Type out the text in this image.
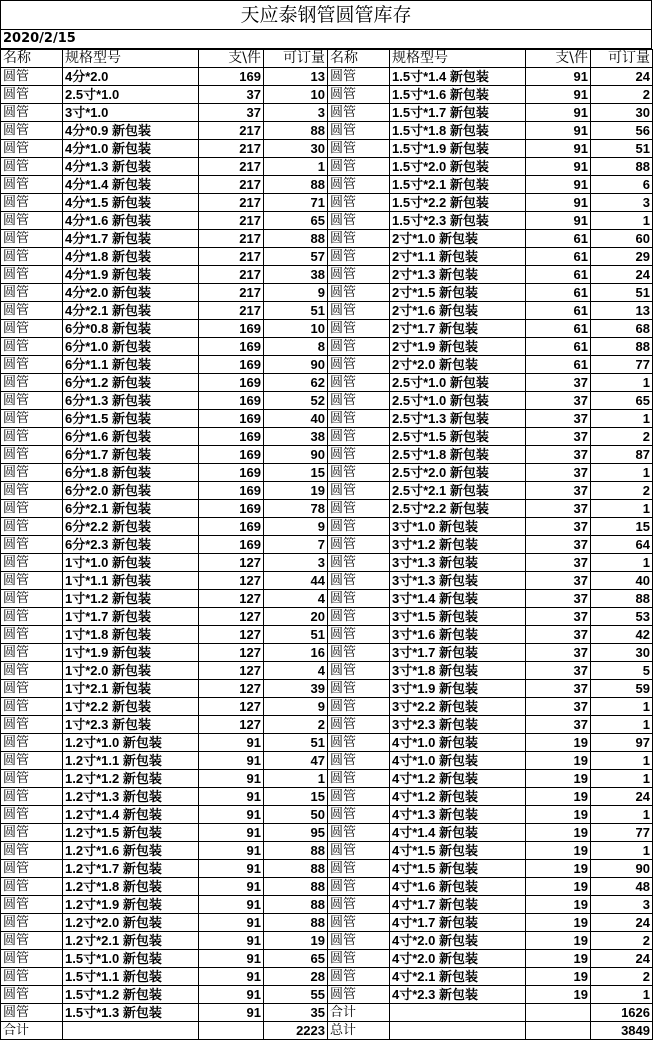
天应泰钢管圆管库存
2020/2/15
名称	规格型号	支\件	可订量	名称	规格型号	支\件	可订量
圆管	4分*2.0	169	13	圆管	1.5寸*1.4 新包装	91	24
圆管	2.5寸*1.0	37	10	圆管	1.5寸*1.6 新包装	91	2
圆管	3寸*1.0	37	3	圆管	1.5寸*1.7 新包装	91	30
圆管	4分*0.9 新包装	217	88	圆管	1.5寸*1.8 新包装	91	56
圆管	4分*1.0 新包装	217	30	圆管	1.5寸*1.9 新包装	91	51
圆管	4分*1.3 新包装	217	1	圆管	1.5寸*2.0 新包装	91	88
圆管	4分*1.4 新包装	217	88	圆管	1.5寸*2.1 新包装	91	6
圆管	4分*1.5 新包装	217	71	圆管	1.5寸*2.2 新包装	91	3
圆管	4分*1.6 新包装	217	65	圆管	1.5寸*2.3 新包装	91	1
圆管	4分*1.7 新包装	217	88	圆管	2寸*1.0 新包装	61	60
圆管	4分*1.8 新包装	217	57	圆管	2寸*1.1 新包装	61	29
圆管	4分*1.9 新包装	217	38	圆管	2寸*1.3 新包装	61	24
圆管	4分*2.0 新包装	217	9	圆管	2寸*1.5 新包装	61	51
圆管	4分*2.1 新包装	217	51	圆管	2寸*1.6 新包装	61	13
圆管	6分*0.8 新包装	169	10	圆管	2寸*1.7 新包装	61	68
圆管	6分*1.0 新包装	169	8	圆管	2寸*1.9 新包装	61	88
圆管	6分*1.1 新包装	169	90	圆管	2寸*2.0 新包装	61	77
圆管	6分*1.2 新包装	169	62	圆管	2.5寸*1.0 新包装	37	1
圆管	6分*1.3 新包装	169	52	圆管	2.5寸*1.0 新包装	37	65
圆管	6分*1.5 新包装	169	40	圆管	2.5寸*1.3 新包装	37	1
圆管	6分*1.6 新包装	169	38	圆管	2.5寸*1.5 新包装	37	2
圆管	6分*1.7 新包装	169	90	圆管	2.5寸*1.8 新包装	37	87
圆管	6分*1.8 新包装	169	15	圆管	2.5寸*2.0 新包装	37	1
圆管	6分*2.0 新包装	169	19	圆管	2.5寸*2.1 新包装	37	2
圆管	6分*2.1 新包装	169	78	圆管	2.5寸*2.2 新包装	37	1
圆管	6分*2.2 新包装	169	9	圆管	3寸*1.0 新包装	37	15
圆管	6分*2.3 新包装	169	7	圆管	3寸*1.2 新包装	37	64
圆管	1寸*1.0 新包装	127	3	圆管	3寸*1.3 新包装	37	1
圆管	1寸*1.1 新包装	127	44	圆管	3寸*1.3 新包装	37	40
圆管	1寸*1.2 新包装	127	4	圆管	3寸*1.4 新包装	37	88
圆管	1寸*1.7 新包装	127	20	圆管	3寸*1.5 新包装	37	53
圆管	1寸*1.8 新包装	127	51	圆管	3寸*1.6 新包装	37	42
圆管	1寸*1.9 新包装	127	16	圆管	3寸*1.7 新包装	37	30
圆管	1寸*2.0 新包装	127	4	圆管	3寸*1.8 新包装	37	5
圆管	1寸*2.1 新包装	127	39	圆管	3寸*1.9 新包装	37	59
圆管	1寸*2.2 新包装	127	9	圆管	3寸*2.2 新包装	37	1
圆管	1寸*2.3 新包装	127	2	圆管	3寸*2.3 新包装	37	1
圆管	1.2寸*1.0 新包装	91	51	圆管	4寸*1.0 新包装	19	97
圆管	1.2寸*1.1 新包装	91	47	圆管	4寸*1.0 新包装	19	1
圆管	1.2寸*1.2 新包装	91	1	圆管	4寸*1.2 新包装	19	1
圆管	1.2寸*1.3 新包装	91	15	圆管	4寸*1.2 新包装	19	24
圆管	1.2寸*1.4 新包装	91	50	圆管	4寸*1.3 新包装	19	1
圆管	1.2寸*1.5 新包装	91	95	圆管	4寸*1.4 新包装	19	77
圆管	1.2寸*1.6 新包装	91	88	圆管	4寸*1.5 新包装	19	1
圆管	1.2寸*1.7 新包装	91	88	圆管	4寸*1.5 新包装	19	90
圆管	1.2寸*1.8 新包装	91	88	圆管	4寸*1.6 新包装	19	48
圆管	1.2寸*1.9 新包装	91	88	圆管	4寸*1.7 新包装	19	3
圆管	1.2寸*2.0 新包装	91	88	圆管	4寸*1.7 新包装	19	24
圆管	1.2寸*2.1 新包装	91	19	圆管	4寸*2.0 新包装	19	2
圆管	1.5寸*1.0 新包装	91	65	圆管	4寸*2.0 新包装	19	24
圆管	1.5寸*1.1 新包装	91	28	圆管	4寸*2.1 新包装	19	2
圆管	1.5寸*1.2 新包装	91	55	圆管	4寸*2.3 新包装	19	1
圆管	1.5寸*1.3 新包装	91	35	合计			1626
合计			2223	总计			3849
